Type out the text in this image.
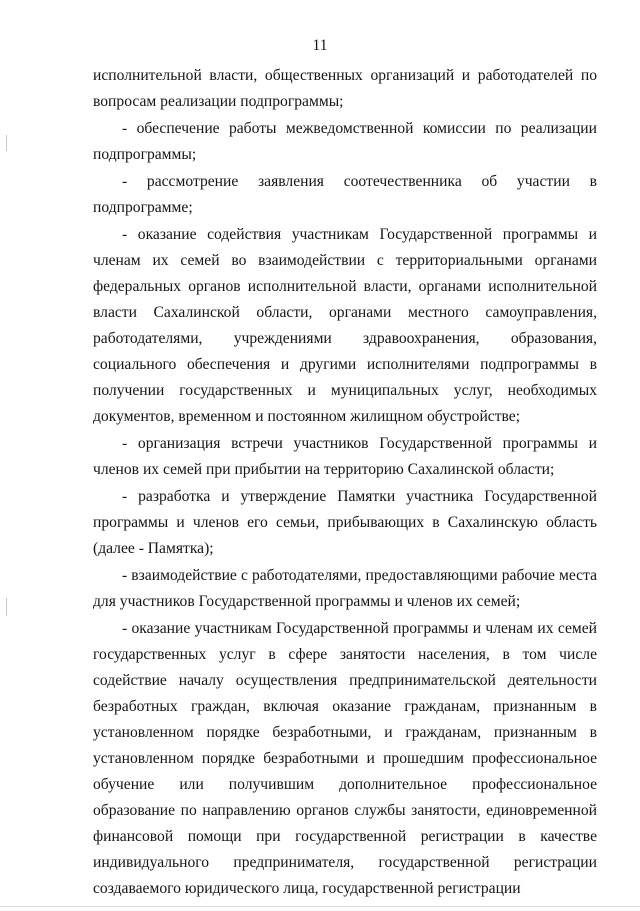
11

исполнительной власти, общественных организаций и работодателей по вопросам реализации подпрограммы;

- обеспечение работы межведомственной комиссии по реализации подпрограммы;

- рассмотрение заявления соотечественника об участии в подпрограмме;

- оказание содействия участникам Государственной программы и членам их семей во взаимодействии с территориальными органами федеральных органов исполнительной власти, органами исполнительной власти Сахалинской области, органами местного самоуправления, работодателями, учреждениями здравоохранения, образования, социального обеспечения и другими исполнителями подпрограммы в получении государственных и муниципальных услуг, необходимых документов, временном и постоянном жилищном обустройстве;

- организация встречи участников Государственной программы и членов их семей при прибытии на территорию Сахалинской области;

- разработка и утверждение Памятки участника Государственной программы и членов его семьи, прибывающих в Сахалинскую область (далее - Памятка);

- взаимодействие с работодателями, предоставляющими рабочие места для участников Государственной программы и членов их семей;

- оказание участникам Государственной программы и членам их семей государственных услуг в сфере занятости населения, в том числе содействие началу осуществления предпринимательской деятельности безработных граждан, включая оказание гражданам, признанным в установленном порядке безработными, и гражданам, признанным в установленном порядке безработными и прошедшим профессиональное обучение или получившим дополнительное профессиональное образование по направлению органов службы занятости, единовременной финансовой помощи при государственной регистрации в качестве индивидуального предпринимателя, государственной регистрации создаваемого юридического лица, государственной регистрации
